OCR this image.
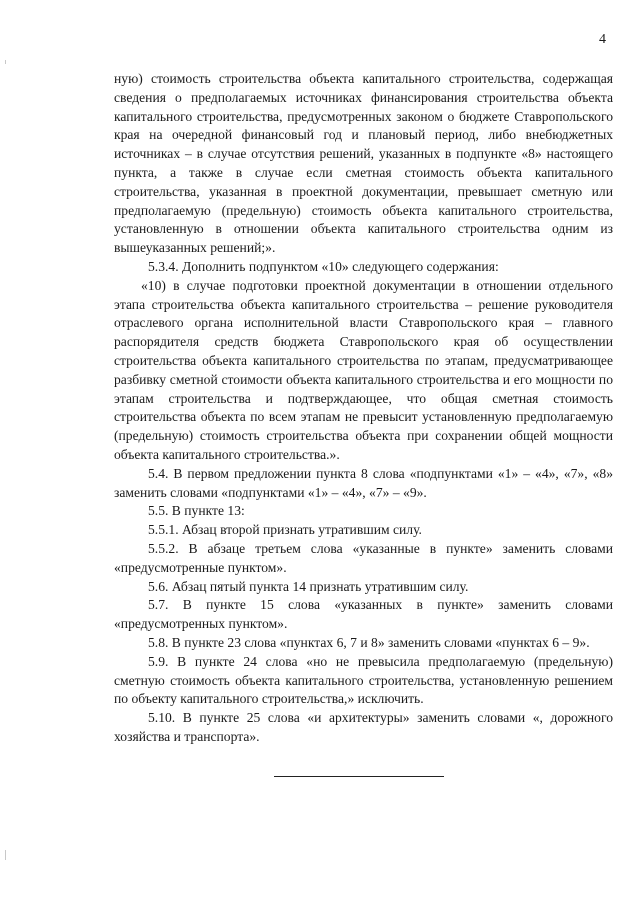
4

ную) стоимость строительства объекта капитального строительства, содержащая сведения о предполагаемых источниках финансирования строительства объекта капитального строительства, предусмотренных законом о бюджете Ставропольского края на очередной финансовый год и плановый период, либо внебюджетных источниках – в случае отсутствия решений, указанных в подпункте «8» настоящего пункта, а также в случае если сметная стоимость объекта капитального строительства, указанная в проектной документации, превышает сметную или предполагаемую (предельную) стоимость объекта капитального строительства, установленную в отношении объекта капитального строительства одним из вышеуказанных решений;».

5.3.4. Дополнить подпунктом «10» следующего содержания:

«10) в случае подготовки проектной документации в отношении отдельного этапа строительства объекта капитального строительства – решение руководителя отраслевого органа исполнительной власти Ставропольского края – главного распорядителя средств бюджета Ставропольского края об осуществлении строительства объекта капитального строительства по этапам, предусматривающее разбивку сметной стоимости объекта капитального строительства и его мощности по этапам строительства и подтверждающее, что общая сметная стоимость строительства объекта по всем этапам не превысит установленную предполагаемую (предельную) стоимость строительства объекта при сохранении общей мощности объекта капитального строительства.».

5.4. В первом предложении пункта 8 слова «подпунктами «1» – «4», «7», «8» заменить словами «подпунктами «1» – «4», «7» – «9».

5.5. В пункте 13:

5.5.1. Абзац второй признать утратившим силу.

5.5.2. В абзаце третьем слова «указанные в пункте» заменить словами «предусмотренные пунктом».

5.6. Абзац пятый пункта 14 признать утратившим силу.

5.7. В пункте 15 слова «указанных в пункте» заменить словами «предусмотренных пунктом».

5.8. В пункте 23 слова «пунктах 6, 7 и 8» заменить словами «пунктах 6 – 9».

5.9. В пункте 24 слова «но не превысила предполагаемую (предельную) сметную стоимость объекта капитального строительства, установленную решением по объекту капитального строительства,» исключить.

5.10. В пункте 25 слова «и архитектуры» заменить словами «, дорожного хозяйства и транспорта».
